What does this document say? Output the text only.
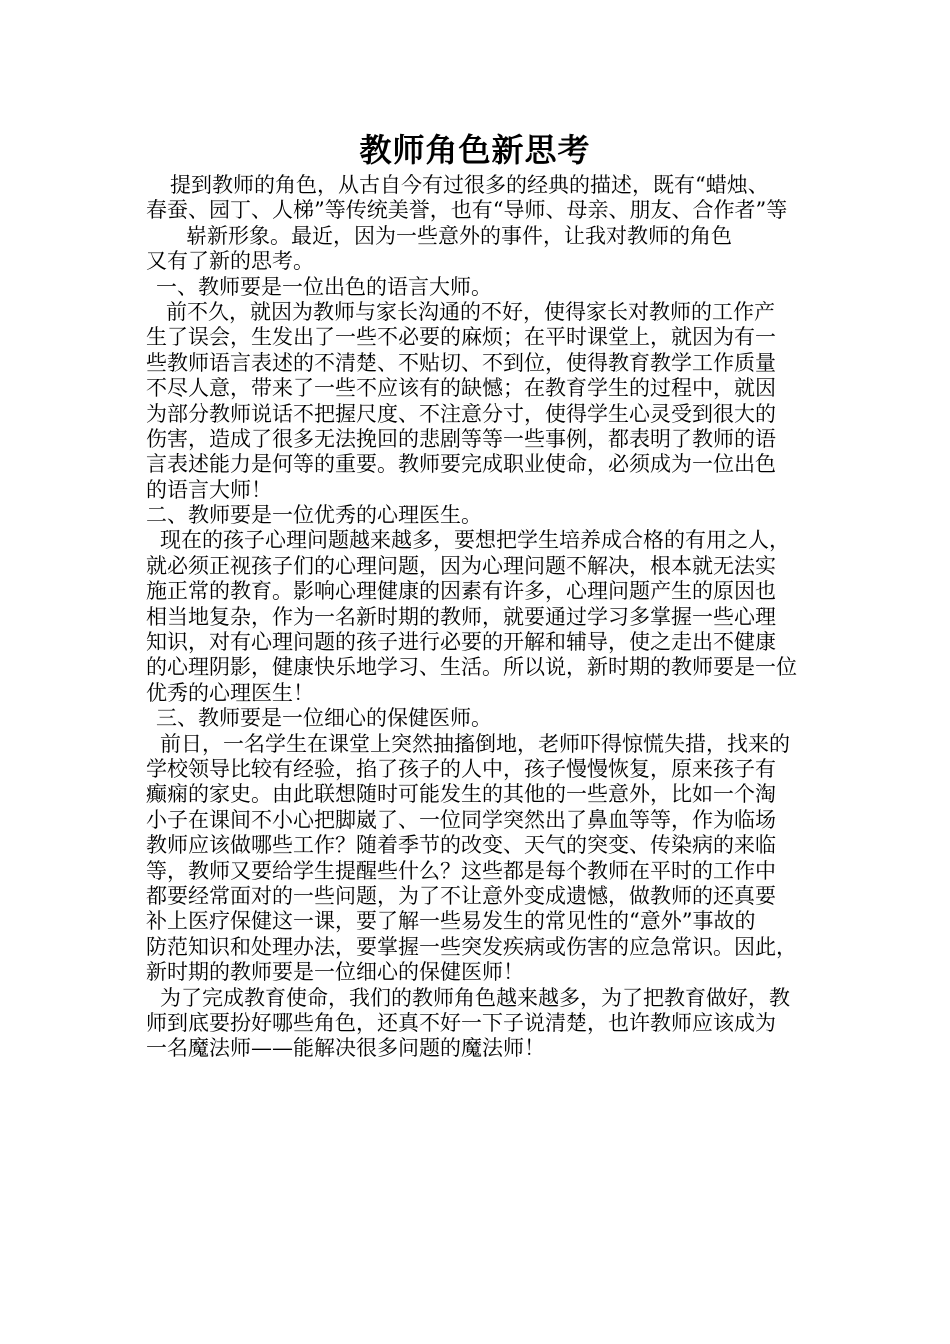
教师角色新思考
提到教师的角色，从古自今有过很多的经典的描述，既有“蜡烛、
春蚕、园丁、人梯”等传统美誉，也有“导师、母亲、朋友、合作者”等
崭新形象。最近，因为一些意外的事件，让我对教师的角色
又有了新的思考。
一、教师要是一位出色的语言大师。
前不久，就因为教师与家长沟通的不好，使得家长对教师的工作产
生了误会，生发出了一些不必要的麻烦；在平时课堂上，就因为有一
些教师语言表述的不清楚、不贴切、不到位，使得教育教学工作质量
不尽人意，带来了一些不应该有的缺憾；在教育学生的过程中，就因
为部分教师说话不把握尺度、不注意分寸，使得学生心灵受到很大的
伤害，造成了很多无法挽回的悲剧等等一些事例，都表明了教师的语
言表述能力是何等的重要。教师要完成职业使命，必须成为一位出色
的语言大师！
二、教师要是一位优秀的心理医生。
现在的孩子心理问题越来越多，要想把学生培养成合格的有用之人，
就必须正视孩子们的心理问题，因为心理问题不解决，根本就无法实
施正常的教育。影响心理健康的因素有许多，心理问题产生的原因也
相当地复杂，作为一名新时期的教师，就要通过学习多掌握一些心理
知识，对有心理问题的孩子进行必要的开解和辅导，使之走出不健康
的心理阴影，健康快乐地学习、生活。所以说，新时期的教师要是一位
优秀的心理医生！
三、教师要是一位细心的保健医师。
前日，一名学生在课堂上突然抽搐倒地，老师吓得惊慌失措，找来的
学校领导比较有经验，掐了孩子的人中，孩子慢慢恢复，原来孩子有
癫痫的家史。由此联想随时可能发生的其他的一些意外，比如一个淘
小子在课间不小心把脚崴了、一位同学突然出了鼻血等等，作为临场
教师应该做哪些工作？随着季节的改变、天气的突变、传染病的来临
等，教师又要给学生提醒些什么？这些都是每个教师在平时的工作中
都要经常面对的一些问题，为了不让意外变成遗憾，做教师的还真要
补上医疗保健这一课，要了解一些易发生的常见性的“意外”事故的
防范知识和处理办法，要掌握一些突发疾病或伤害的应急常识。因此，
新时期的教师要是一位细心的保健医师！
为了完成教育使命，我们的教师角色越来越多，为了把教育做好，教
师到底要扮好哪些角色，还真不好一下子说清楚，也许教师应该成为
一名魔法师——能解决很多问题的魔法师！
